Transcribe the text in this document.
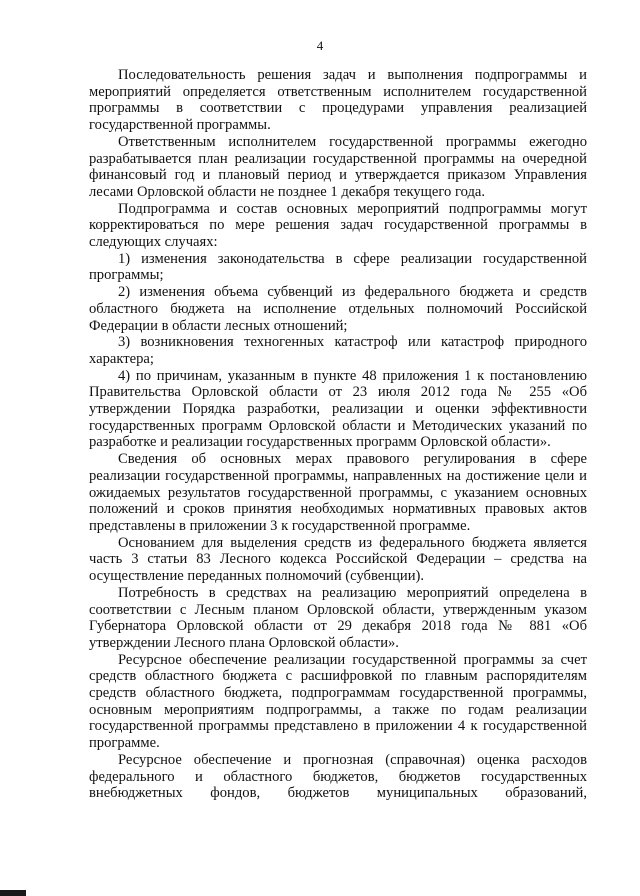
4

Последовательность решения задач и выполнения подпрограммы и мероприятий определяется ответственным исполнителем государственной программы в соответствии с процедурами управления реализацией государственной программы.

Ответственным исполнителем государственной программы ежегодно разрабатывается план реализации государственной программы на очередной финансовый год и плановый период и утверждается приказом Управления лесами Орловской области не позднее 1 декабря текущего года.

Подпрограмма и состав основных мероприятий подпрограммы могут корректироваться по мере решения задач государственной программы в следующих случаях:

1) изменения законодательства в сфере реализации государственной программы;

2) изменения объема субвенций из федерального бюджета и средств областного бюджета на исполнение отдельных полномочий Российской Федерации в области лесных отношений;

3) возникновения техногенных катастроф или катастроф природного характера;

4) по причинам, указанным в пункте 48 приложения 1 к постановлению Правительства Орловской области от 23 июля 2012 года № 255 «Об утверждении Порядка разработки, реализации и оценки эффективности государственных программ Орловской области и Методических указаний по разработке и реализации государственных программ Орловской области».

Сведения об основных мерах правового регулирования в сфере реализации государственной программы, направленных на достижение цели и ожидаемых результатов государственной программы, с указанием основных положений и сроков принятия необходимых нормативных правовых актов представлены в приложении 3 к государственной программе.

Основанием для выделения средств из федерального бюджета является часть 3 статьи 83 Лесного кодекса Российской Федерации – средства на осуществление переданных полномочий (субвенции).

Потребность в средствах на реализацию мероприятий определена в соответствии с Лесным планом Орловской области, утвержденным указом Губернатора Орловской области от 29 декабря 2018 года № 881 «Об утверждении Лесного плана Орловской области».

Ресурсное обеспечение реализации государственной программы за счет средств областного бюджета с расшифровкой по главным распорядителям средств областного бюджета, подпрограммам государственной программы, основным мероприятиям подпрограммы, а также по годам реализации государственной программы представлено в приложении 4 к государственной программе.

Ресурсное обеспечение и прогнозная (справочная) оценка расходов федерального и областного бюджетов, бюджетов государственных внебюджетных фондов, бюджетов муниципальных образований,
